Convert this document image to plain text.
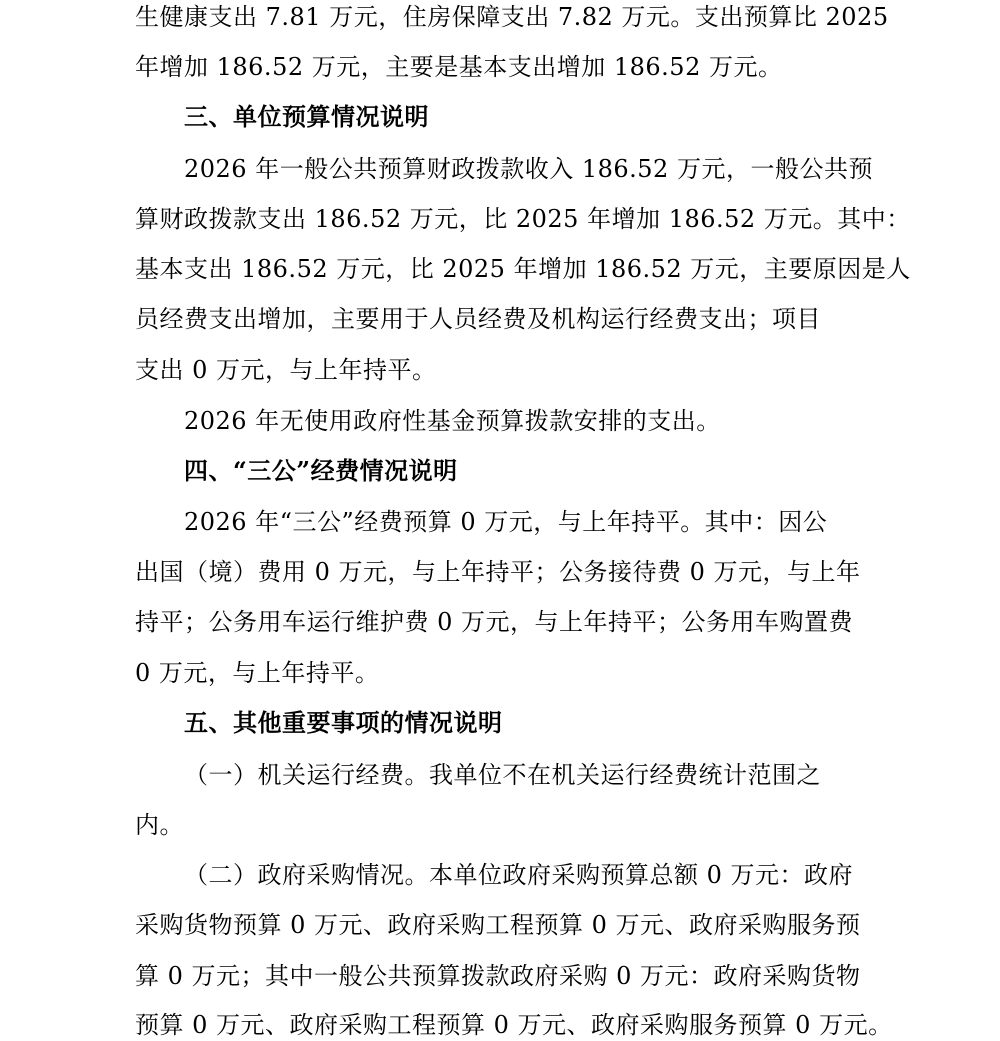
生健康支出 7.81 万元，住房保障支出 7.82 万元。支出预算比 2025
年增加 186.52 万元，主要是基本支出增加 186.52 万元。
三、单位预算情况说明
2026 年一般公共预算财政拨款收入 186.52 万元，一般公共预
算财政拨款支出 186.52 万元，比 2025 年增加 186.52 万元。其中：
基本支出 186.52 万元，比 2025 年增加 186.52 万元，主要原因是人
员经费支出增加，主要用于人员经费及机构运行经费支出；项目
支出 0 万元，与上年持平。
2026 年无使用政府性基金预算拨款安排的支出。
四、“三公”经费情况说明
2026 年“三公”经费预算 0 万元，与上年持平。其中：因公
出国（境）费用 0 万元，与上年持平；公务接待费 0 万元，与上年
持平；公务用车运行维护费 0 万元，与上年持平；公务用车购置费
0 万元，与上年持平。
五、其他重要事项的情况说明
（一）机关运行经费。我单位不在机关运行经费统计范围之
内。
（二）政府采购情况。本单位政府采购预算总额 0 万元：政府
采购货物预算 0 万元、政府采购工程预算 0 万元、政府采购服务预
算 0 万元；其中一般公共预算拨款政府采购 0 万元：政府采购货物
预算 0 万元、政府采购工程预算 0 万元、政府采购服务预算 0 万元。
